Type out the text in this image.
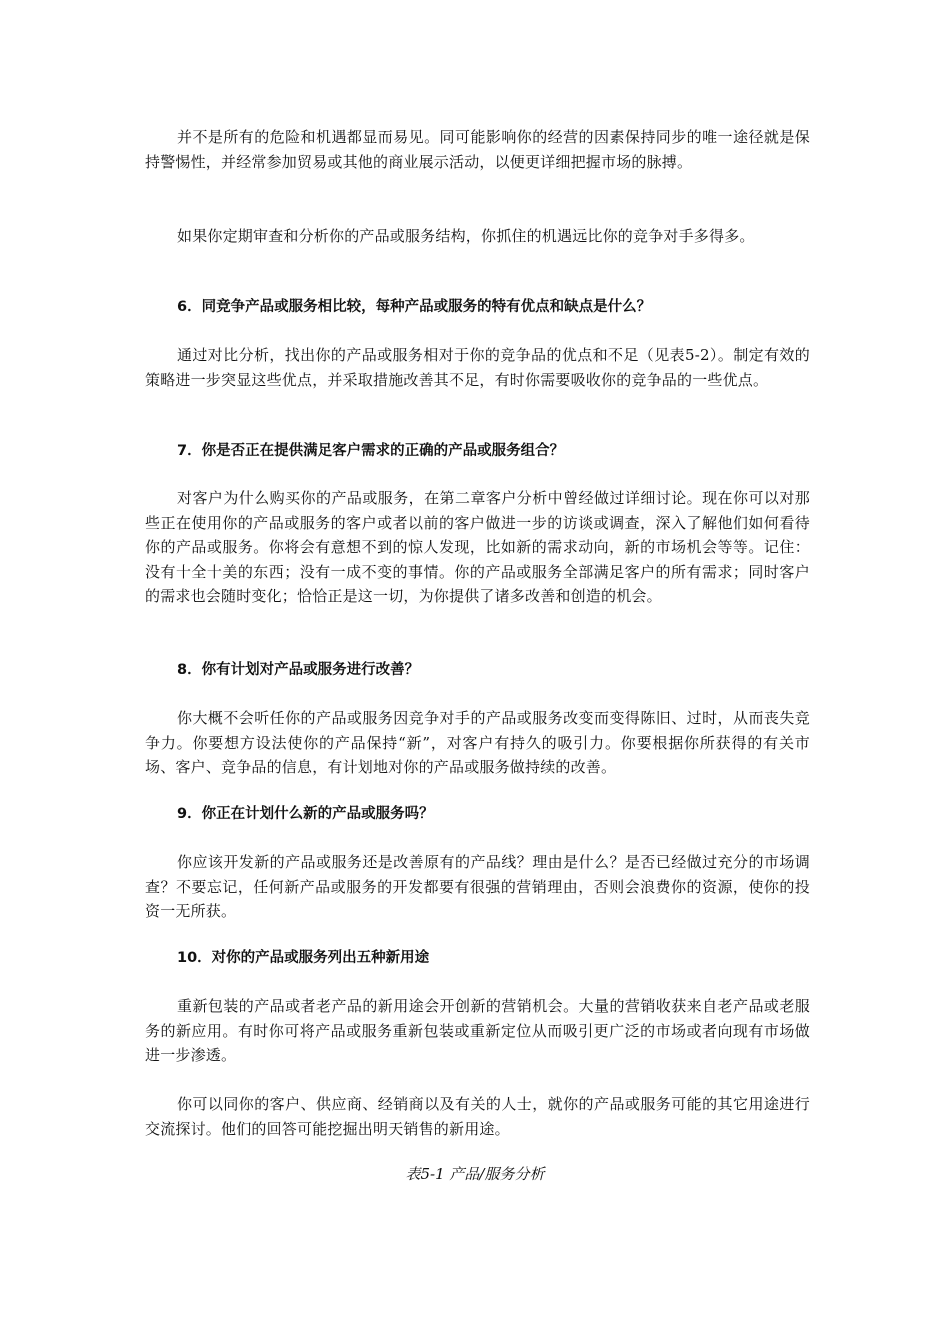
并不是所有的危险和机遇都显而易见。同可能影响你的经营的因素保持同步的唯一途径就是保持警惕性，并经常参加贸易或其他的商业展示活动，以便更详细把握市场的脉搏。

如果你定期审查和分析你的产品或服务结构，你抓住的机遇远比你的竞争对手多得多。

6．同竞争产品或服务相比较，每种产品或服务的特有优点和缺点是什么？

通过对比分析，找出你的产品或服务相对于你的竞争品的优点和不足（见表5-2）。制定有效的策略进一步突显这些优点，并采取措施改善其不足，有时你需要吸收你的竞争品的一些优点。

7．你是否正在提供满足客户需求的正确的产品或服务组合？

对客户为什么购买你的产品或服务，在第二章客户分析中曾经做过详细讨论。现在你可以对那些正在使用你的产品或服务的客户或者以前的客户做进一步的访谈或调查，深入了解他们如何看待你的产品或服务。你将会有意想不到的惊人发现，比如新的需求动向，新的市场机会等等。记住：没有十全十美的东西；没有一成不变的事情。你的产品或服务全部满足客户的所有需求；同时客户的需求也会随时变化；恰恰正是这一切，为你提供了诸多改善和创造的机会。

8．你有计划对产品或服务进行改善？

你大概不会听任你的产品或服务因竞争对手的产品或服务改变而变得陈旧、过时，从而丧失竞争力。你要想方设法使你的产品保持“新”，对客户有持久的吸引力。你要根据你所获得的有关市场、客户、竞争品的信息，有计划地对你的产品或服务做持续的改善。

9．你正在计划什么新的产品或服务吗？

你应该开发新的产品或服务还是改善原有的产品线？理由是什么？是否已经做过充分的市场调查？不要忘记，任何新产品或服务的开发都要有很强的营销理由，否则会浪费你的资源，使你的投资一无所获。

10．对你的产品或服务列出五种新用途

重新包装的产品或者老产品的新用途会开创新的营销机会。大量的营销收获来自老产品或老服务的新应用。有时你可将产品或服务重新包装或重新定位从而吸引更广泛的市场或者向现有市场做进一步渗透。

你可以同你的客户、供应商、经销商以及有关的人士，就你的产品或服务可能的其它用途进行交流探讨。他们的回答可能挖掘出明天销售的新用途。

表5-1 产品/服务分析
